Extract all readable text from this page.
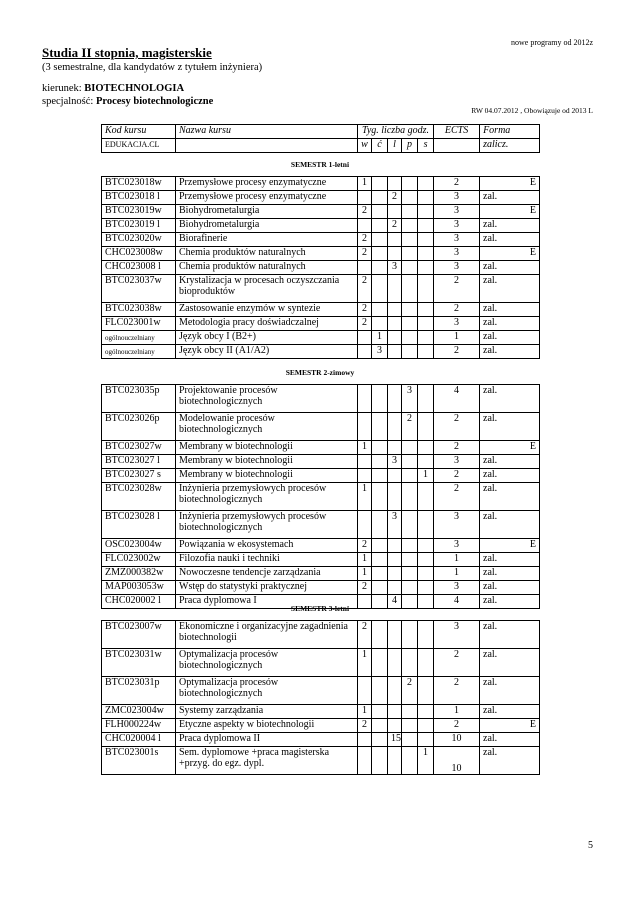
nowe programy od 2012z
Studia II stopnia, magisterskie
(3 semestralne, dla kandydatów z tytułem inżyniera)
kierunek: BIOTECHNOLOGIA
specjalność: Procesy biotechnologiczne
RW 04.07.2012 , Obowiązuje od 2013 L
Kod kursu	Nazwa kursu	Tyg. liczba godz.					ECTS	Forma
EDUKACJA.CL		w	ć	l	p	s		zalicz.
SEMESTR 1-letni
BTC023018w	Przemysłowe procesy enzymatyczne	1					2	E

BTC023018 l	Przemysłowe procesy enzymatyczne			2			3	zal.

BTC023019w	Biohydrometalurgia	2					3	E

BTC023019 l	Biohydrometalurgia			2			3	zal.

BTC023020w	Biorafinerie	2					3	zal.

CHC023008w	Chemia produktów naturalnych	2					3	E

CHC023008 l	Chemia produktów naturalnych			3			3	zal.

BTC023037w	Krystalizacja w procesach oczyszczania bioproduktów	2					2	zal.

BTC023038w	Zastosowanie enzymów w syntezie	2					2	zal.

FLC023001w	Metodologia pracy doświadczalnej	2					3	zal.

ogólnouczelniany	Język obcy I (B2+)		1				1	zal.

ogólnouczelniany	Język obcy II (A1/A2)		3				2	zal.
SEMESTR 2-zimowy
BTC023035p	Projektowanie procesów biotechnologicznych				3		4	zal.

BTC023026p	Modelowanie procesów biotechnologicznych				2		2	zal.

BTC023027w	Membrany w biotechnologii	1					2	E

BTC023027 l	Membrany w biotechnologii			3			3	zal.

BTC023027 s	Membrany w biotechnologii					1	2	zal.

BTC023028w	Inżynieria przemysłowych procesów biotechnologicznych	1					2	zal.

BTC023028 l	Inżynieria przemysłowych procesów biotechnologicznych			3			3	zal.

OSC023004w	Powiązania w ekosystemach	2					3	E

FLC023002w	Filozofia nauki i techniki	1					1	zal.

ZMZ000382w	Nowoczesne tendencje zarządzania	1					1	zal.

MAP003053w	Wstęp do statystyki praktycznej	2					3	zal.

CHC020002 l	Praca dyplomowa I			4			4	zal.
SEMESTR 3-letni
BTC023007w	Ekonomiczne i organizacyjne zagadnienia biotechnologii	2					3	zal.

BTC023031w	Optymalizacja procesów biotechnologicznych	1					2	zal.

BTC023031p	Optymalizacja procesów biotechnologicznych				2		2	zal.

ZMC023004w	Systemy zarządzania	1					1	zal.

FLH000224w	Etyczne aspekty w biotechnologii	2					2	E

CHC020004 l	Praca dyplomowa II			15			10	zal.

BTC023001s	Sem. dyplomowe +praca magisterska +przyg. do egz. dypl.					1	10	zal.
5
